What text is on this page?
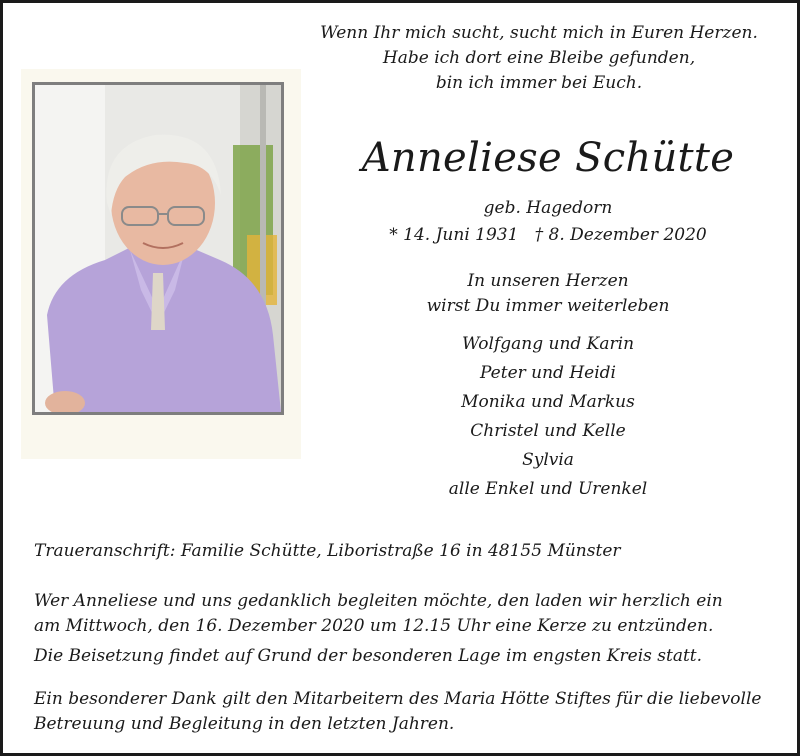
Wenn Ihr mich sucht, sucht mich in Euren Herzen.
Habe ich dort eine Bleibe gefunden,
bin ich immer bei Euch.
Anneliese Schütte
geb. Hagedorn
* 14. Juni 1931   † 8. Dezember 2020
In unseren Herzen
wirst Du immer weiterleben
Wolfgang und Karin
Peter und Heidi
Monika und Markus
Christel und Kelle
Sylvia
alle Enkel und Urenkel
Traueranschrift: Familie Schütte, Liboristraße 16 in 48155 Münster
Wer Anneliese und uns gedanklich begleiten möchte, den laden wir herzlich ein
am Mittwoch, den 16. Dezember 2020 um 12.15 Uhr eine Kerze zu entzünden.
Die Beisetzung findet auf Grund der besonderen Lage im engsten Kreis statt.
Ein besonderer Dank gilt den Mitarbeitern des Maria Hötte Stiftes für die liebevolle
Betreuung und Begleitung in den letzten Jahren.
